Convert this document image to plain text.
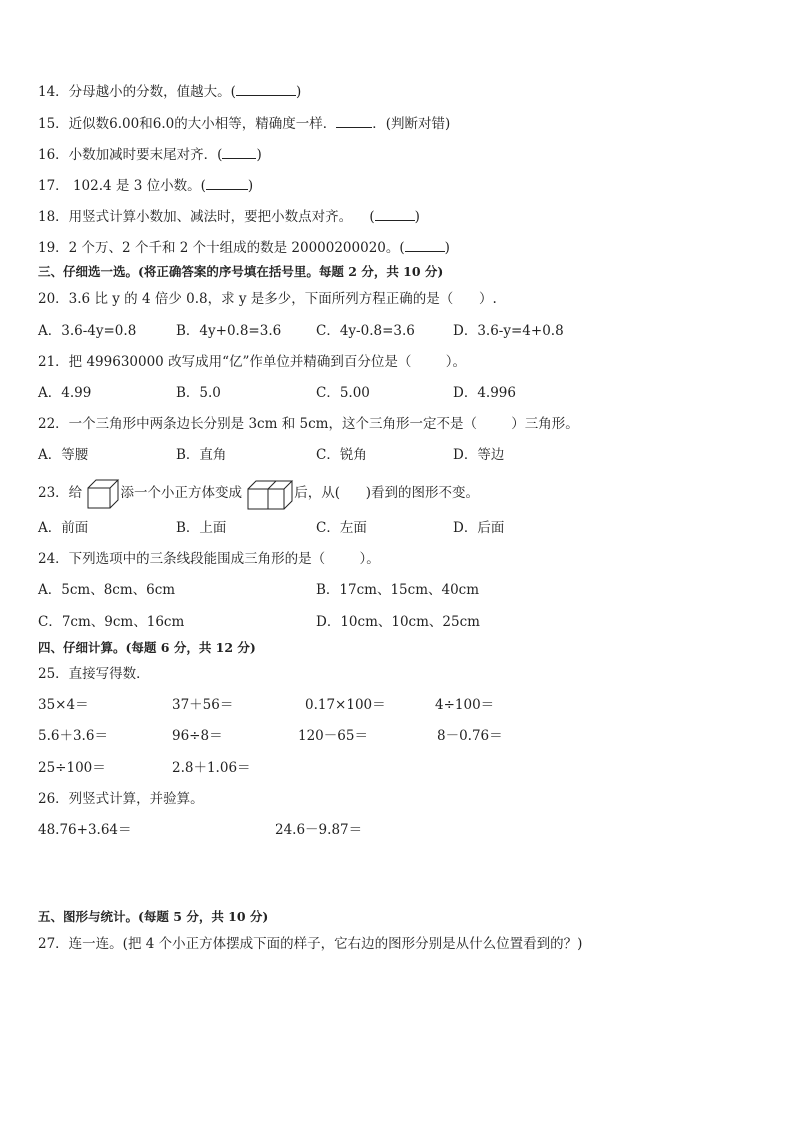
14．分母越小的分数，值越大。(	)
15．近似数6.00和6.0的大小相等，精确度一样．	．(判断对错)
16．小数加减时要末尾对齐．(	)
17． 102.4 是 3 位小数。(	)
18．用竖式计算小数加、减法时，要把小数点对齐。    (	)
19．2 个万、2 个千和 2 个十组成的数是 20000200020。(	)
三、仔细选一选。(将正确答案的序号填在括号里。每题 2 分，共 10 分)
20．3.6 比 y 的 4 倍少 0.8，求 y 是多少，下面所列方程正确的是（      ）.
A．3.6-4y=0.8	B．4y+0.8=3.6	C．4y-0.8=3.6	D．3.6-y=4+0.8
21．把 499630000 改写成用“亿”作单位并精确到百分位是（        ）。
A．4.99	B．5.0	C．5.00	D．4.996
22．一个三角形中两条边长分别是 3cm 和 5cm，这个三角形一定不是（        ）三角形。
A．等腰	B．直角	C．锐角	D．等边
23．给	添一个小正方体变成	后，从(      )看到的图形不变。
A．前面	B．上面	C．左面	D．后面
24．下列选项中的三条线段能围成三角形的是（        ）。
A．5cm、8cm、6cm	B．17cm、15cm、40cm
C．7cm、9cm、16cm	D．10cm、10cm、25cm
四、仔细计算。(每题 6 分，共 12 分)
25．直接写得数．
35×4＝	37＋56＝	0.17×100＝	4÷100＝
5.6＋3.6＝	96÷8＝	120－65＝	8－0.76＝
25÷100＝	2.8＋1.06＝
26．列竖式计算，并验算。
48.76+3.64＝	24.6－9.87＝
五、图形与统计。(每题 5 分，共 10 分)
27．连一连。(把 4 个小正方体摆成下面的样子，它右边的图形分别是从什么位置看到的？)
